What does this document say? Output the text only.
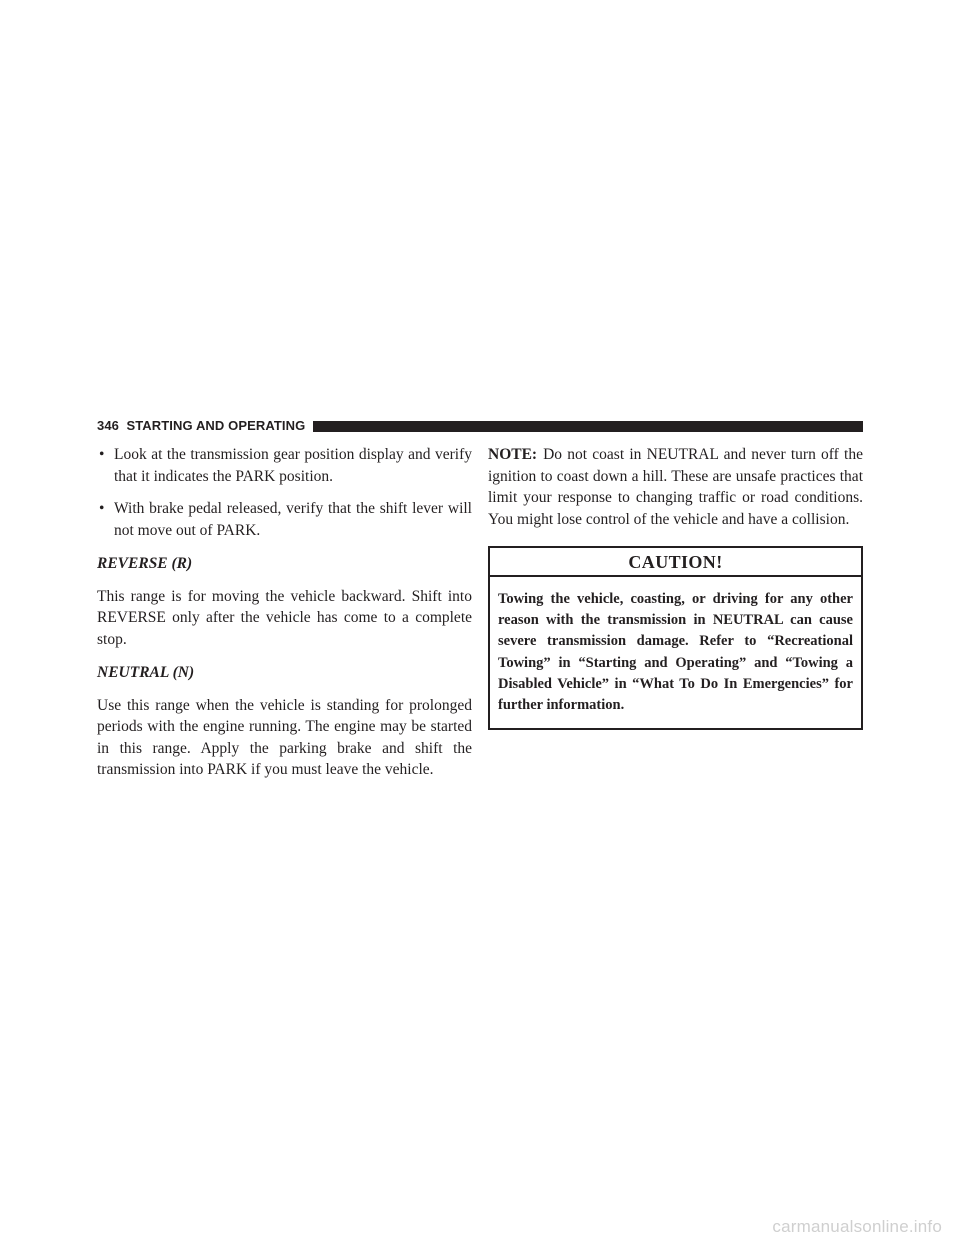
346 STARTING AND OPERATING

• Look at the transmission gear position display and verify that it indicates the PARK position.

• With brake pedal released, verify that the shift lever will not move out of PARK.

REVERSE (R)

This range is for moving the vehicle backward. Shift into REVERSE only after the vehicle has come to a complete stop.

NEUTRAL (N)

Use this range when the vehicle is standing for prolonged periods with the engine running. The engine may be started in this range. Apply the parking brake and shift the transmission into PARK if you must leave the vehicle.

NOTE: Do not coast in NEUTRAL and never turn off the ignition to coast down a hill. These are unsafe practices that limit your response to changing traffic or road conditions. You might lose control of the vehicle and have a collision.

CAUTION!

Towing the vehicle, coasting, or driving for any other reason with the transmission in NEUTRAL can cause severe transmission damage. Refer to “Recreational Towing” in “Starting and Operating” and “Towing a Disabled Vehicle” in “What To Do In Emergencies” for further information.

carmanualsonline.info
